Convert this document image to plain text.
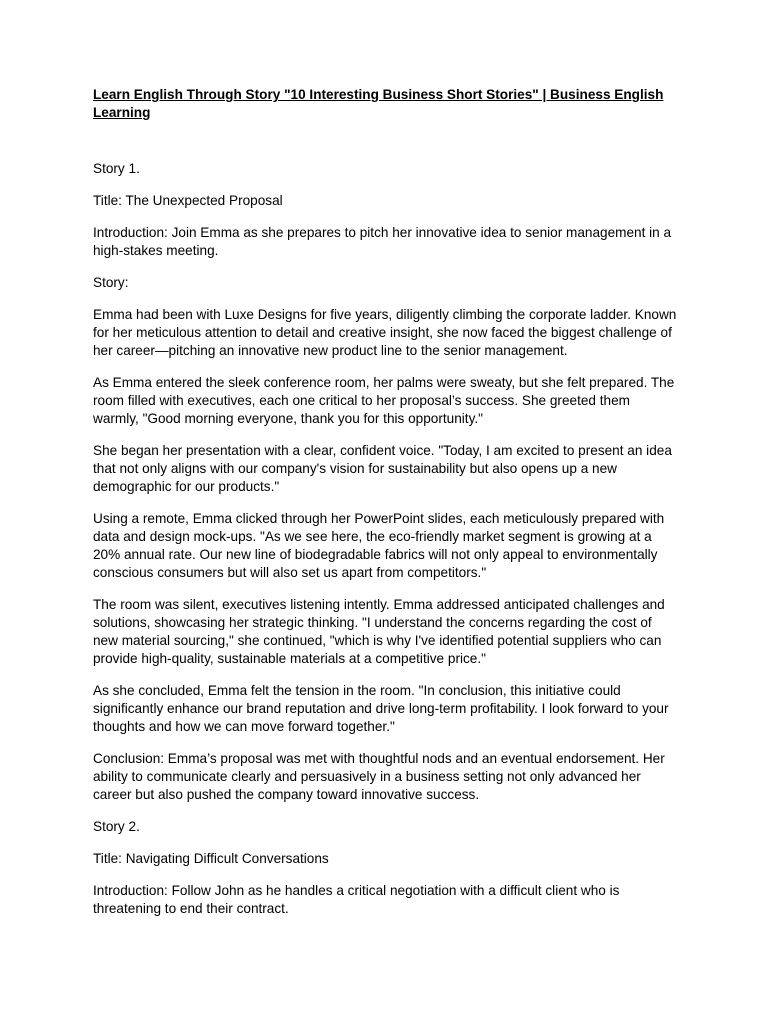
Learn English Through Story "10 Interesting Business Short Stories" | Business English Learning

Story 1.

Title: The Unexpected Proposal

Introduction: Join Emma as she prepares to pitch her innovative idea to senior management in a high-stakes meeting.

Story:

Emma had been with Luxe Designs for five years, diligently climbing the corporate ladder. Known for her meticulous attention to detail and creative insight, she now faced the biggest challenge of her career—pitching an innovative new product line to the senior management.

As Emma entered the sleek conference room, her palms were sweaty, but she felt prepared. The room filled with executives, each one critical to her proposal’s success. She greeted them warmly, "Good morning everyone, thank you for this opportunity."

She began her presentation with a clear, confident voice. "Today, I am excited to present an idea that not only aligns with our company's vision for sustainability but also opens up a new demographic for our products."

Using a remote, Emma clicked through her PowerPoint slides, each meticulously prepared with data and design mock-ups. "As we see here, the eco-friendly market segment is growing at a 20% annual rate. Our new line of biodegradable fabrics will not only appeal to environmentally conscious consumers but will also set us apart from competitors."

The room was silent, executives listening intently. Emma addressed anticipated challenges and solutions, showcasing her strategic thinking. "I understand the concerns regarding the cost of new material sourcing," she continued, "which is why I've identified potential suppliers who can provide high-quality, sustainable materials at a competitive price."

As she concluded, Emma felt the tension in the room. "In conclusion, this initiative could significantly enhance our brand reputation and drive long-term profitability. I look forward to your thoughts and how we can move forward together."

Conclusion: Emma’s proposal was met with thoughtful nods and an eventual endorsement. Her ability to communicate clearly and persuasively in a business setting not only advanced her career but also pushed the company toward innovative success.

Story 2.

Title: Navigating Difficult Conversations

Introduction: Follow John as he handles a critical negotiation with a difficult client who is threatening to end their contract.
